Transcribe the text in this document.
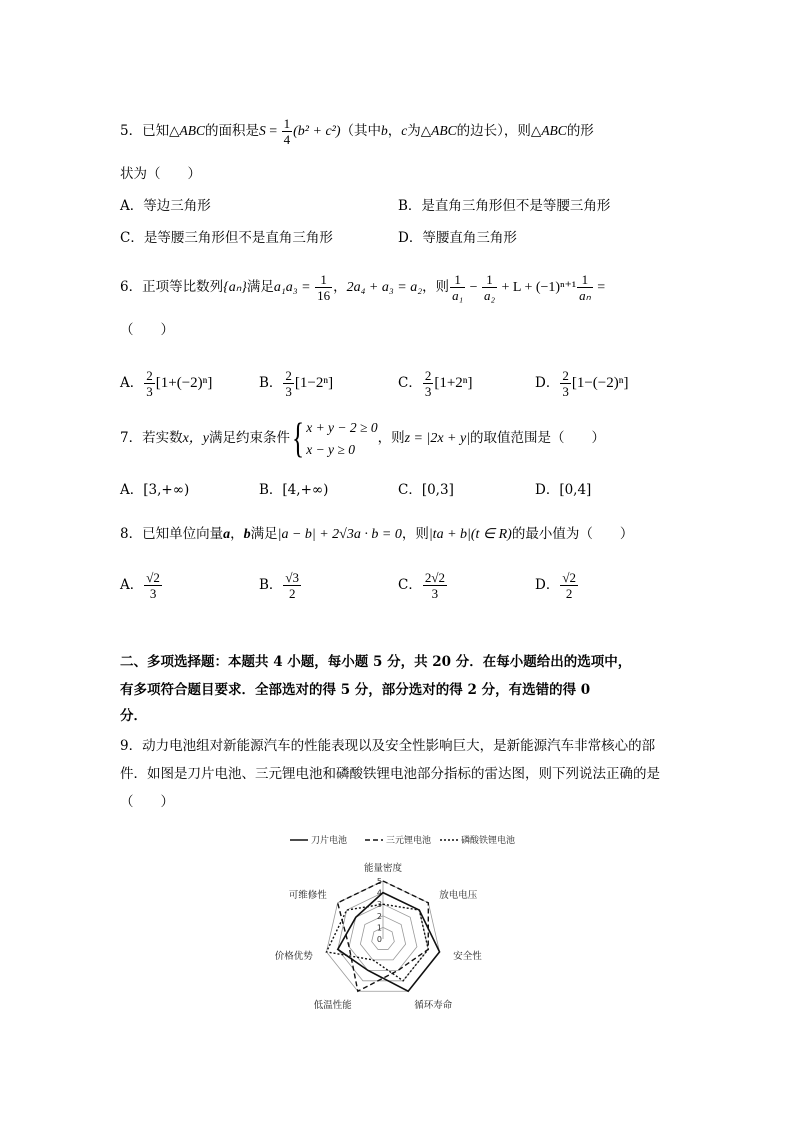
5．已知△ABC的面积是$S = \frac{1}{4} (b^2 + c^2)$（其中b，c为△ABC的边长），则△ABC的形
状为（　　）
A．等边三角形	B．是直角三角形但不是等腰三角形
C．是等腰三角形但不是直角三角形	D．等腰直角三角形
6．正项等比数列{aₙ}满足$a_1a_3 = \frac{1}{16}$ ，2a₄ + a₃ = a₂，则 $\frac{1}{\text{a₁}} - \frac{1}{\text{a₂}} + L + (-1)^{n+1} \frac{1}{\text{aₙ}}$ =
（　　）
A． $\frac{2}{3} [1+(-2)^n]$	B． $\frac{2}{3} [1-2^n]$	C． $\frac{2}{3} [1+2^n]$	D． $\frac{2}{3} [1-(-2)^n]$
7．若实数x，y满足约束条件{ x + y − 2 ≥ 0
x − y ≥ 0
，则z = |2x + y|的取值范围是（　　）
A．[3,+∞)	B．[4,+∞)	C．[0,3]	D．[0,4]
8．已知单位向量a，b满足|a − b| + 2√3a · b = 0，则|ta + b|(t ∈ R)的最小值为（　　）
A． $\frac{√2}{3}$	B． $\frac{√3}{2}$	C． $\frac{2√2}{3}$	D． $\frac{√2}{2}$
二、多项选择题：本题共 4 小题，每小题 5 分，共 20 分．在每小题给出的选项中，
有多项符合题目要求．全部选对的得 5 分，部分选对的得 2 分，有选错的得 0
分．
9．动力电池组对新能源汽车的性能表现以及安全性影响巨大，是新能源汽车非常核心的部
件．如图是刀片电池、三元锂电池和磷酸铁锂电池部分指标的雷达图，则下列说法正确的是
（　　）
刀片电池	三元锂电池	磷酸铁锂电池
0
1
2
3
4
5
能量密度
放电电压
安全性
循环寿命
低温性能
价格优势
可维修性
